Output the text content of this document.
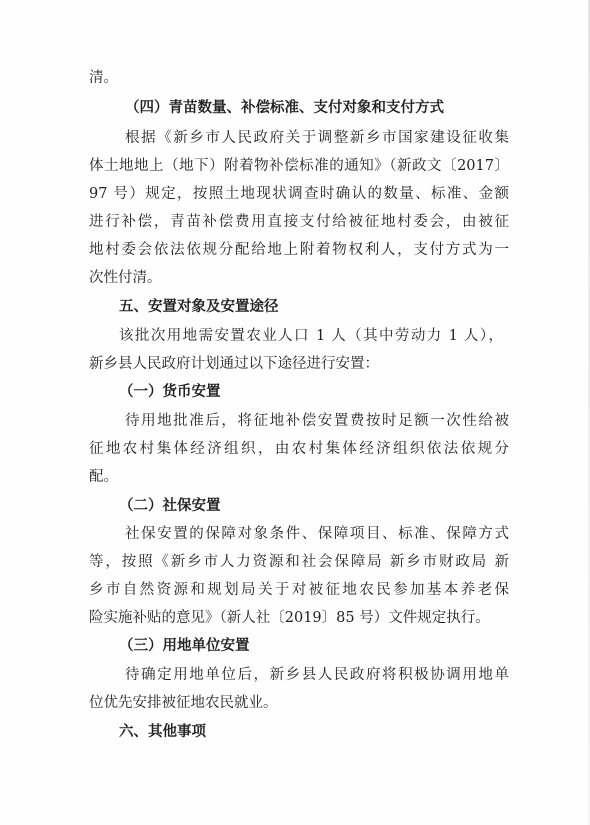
清。
（四）青苗数量、补偿标准、支付对象和支付方式
根据《新乡市人民政府关于调整新乡市国家建设征收集
体土地地上（地下）附着物补偿标准的通知》（新政文〔2017〕
97 号）规定，按照土地现状调查时确认的数量、标准、金额
进行补偿，青苗补偿费用直接支付给被征地村委会，由被征
地村委会依法依规分配给地上附着物权利人，支付方式为一
次性付清。
五、安置对象及安置途径
该批次用地需安置农业人口 1 人（其中劳动力 1 人），
新乡县人民政府计划通过以下途径进行安置：
（一）货币安置
待用地批准后，将征地补偿安置费按时足额一次性给被
征地农村集体经济组织，由农村集体经济组织依法依规分
配。
（二）社保安置
社保安置的保障对象条件、保障项目、标准、保障方式
等，按照《新乡市人力资源和社会保障局 新乡市财政局 新
乡市自然资源和规划局关于对被征地农民参加基本养老保
险实施补贴的意见》（新人社〔2019〕85 号）文件规定执行。
（三）用地单位安置
待确定用地单位后，新乡县人民政府将积极协调用地单
位优先安排被征地农民就业。
六、其他事项
